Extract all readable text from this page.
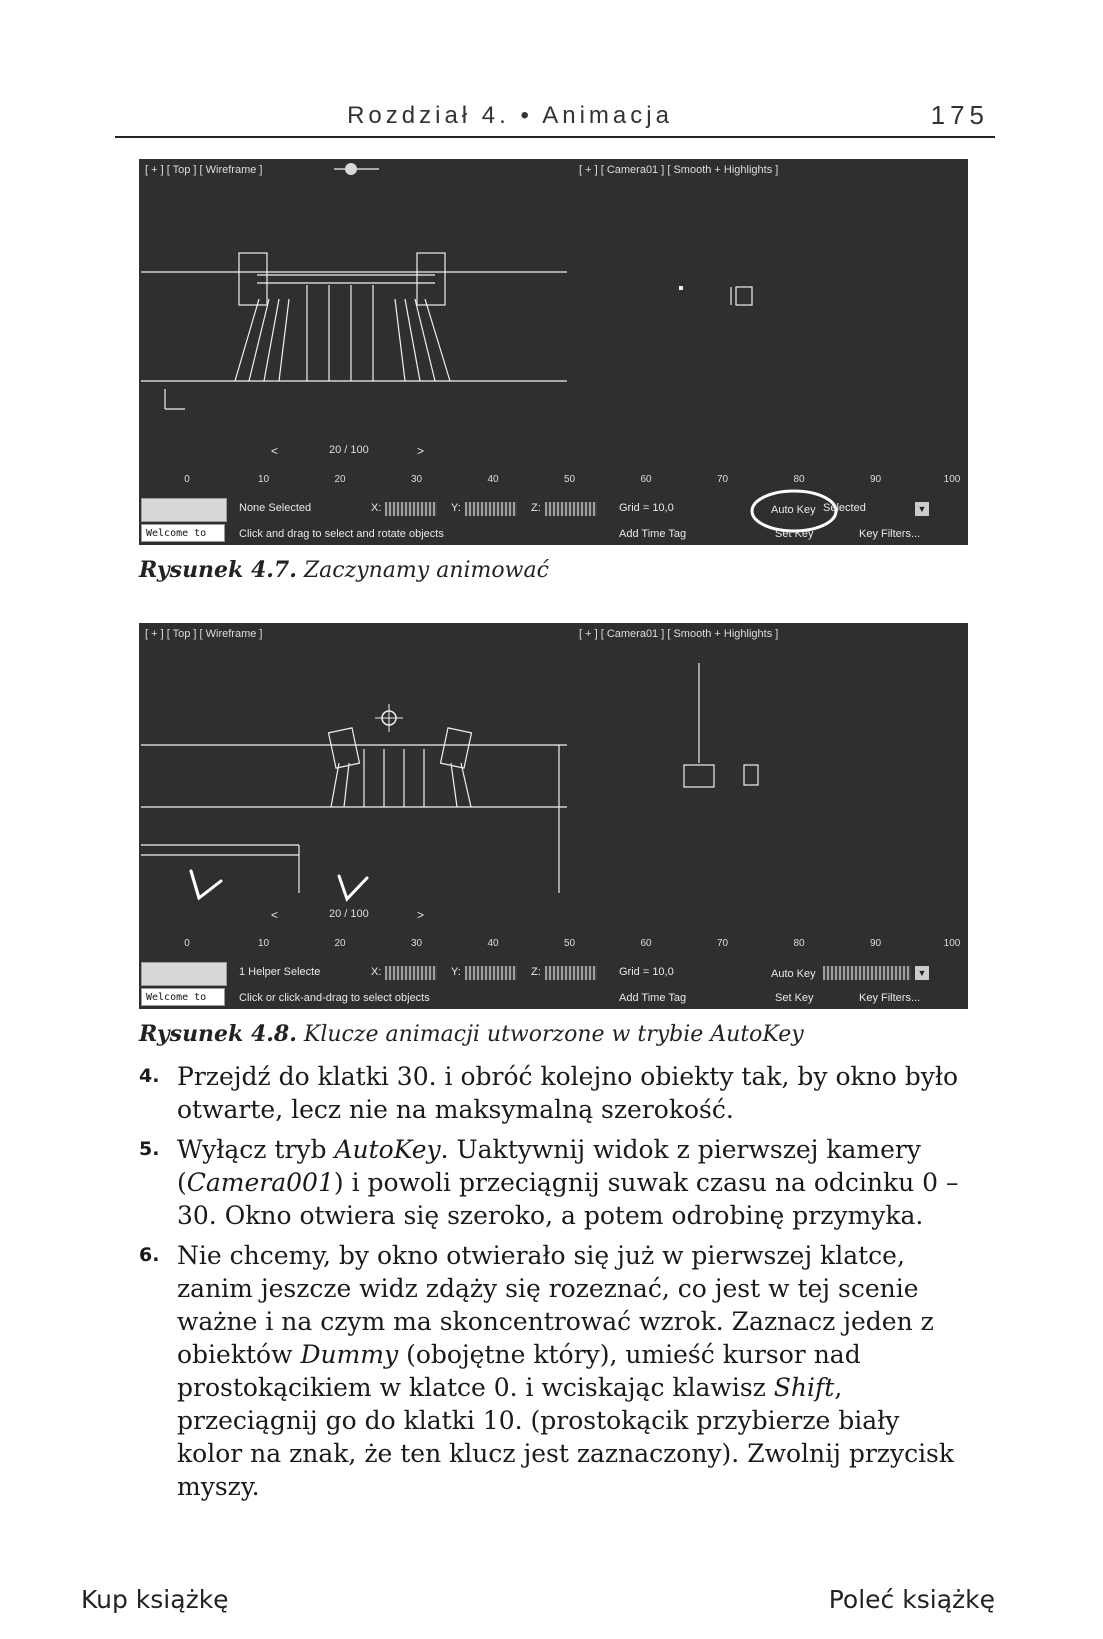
Rozdział 4. • Animacja	175
[ + ] [ Top ] [ Wireframe ]	[ + ] [ Camera01 ] [ Smooth + Highlights ]
<	20 / 100	>
0	10	20	30	40	50	60	70	80	90	100
Welcome to
None Selected
Click and drag to select and rotate objects
X:	Y:	Z:	Grid = 10,0
Add Time Tag
Auto Key Selected	▼
Set Key	Key Filters...
Rysunek 4.7. Zaczynamy animować
[ + ] [ Top ] [ Wireframe ]	[ + ] [ Camera01 ] [ Smooth + Highlights ]
<	20 / 100	>
0	10	20	30	40	50	60	70	80	90	100
Welcome to
1 Helper Selecte
Click or click-and-drag to select objects
X:	Y:	Z:	Grid = 10,0
Add Time Tag
Auto Key	▼
Set Key	Key Filters...
Rysunek 4.8. Klucze animacji utworzone w trybie AutoKey
4. Przejdź do klatki 30. i obróć kolejno obiekty tak, by okno było otwarte, lecz nie na maksymalną szerokość.
5. Wyłącz tryb AutoKey. Uaktywnij widok z pierwszej kamery (Camera001) i powoli przeciągnij suwak czasu na odcinku 0 – 30. Okno otwiera się szeroko, a potem odrobinę przymyka.
6. Nie chcemy, by okno otwierało się już w pierwszej klatce, zanim jeszcze widz zdąży się rozeznać, co jest w tej scenie ważne i na czym ma skoncentrować wzrok. Zaznacz jeden z obiektów Dummy (obojętne który), umieść kursor nad prostokącikiem w klatce 0. i wciskając klawisz Shift, przeciągnij go do klatki 10. (prostokącik przybierze biały kolor na znak, że ten klucz jest zaznaczony). Zwolnij przycisk myszy.
Kup książkę	Poleć książkę
